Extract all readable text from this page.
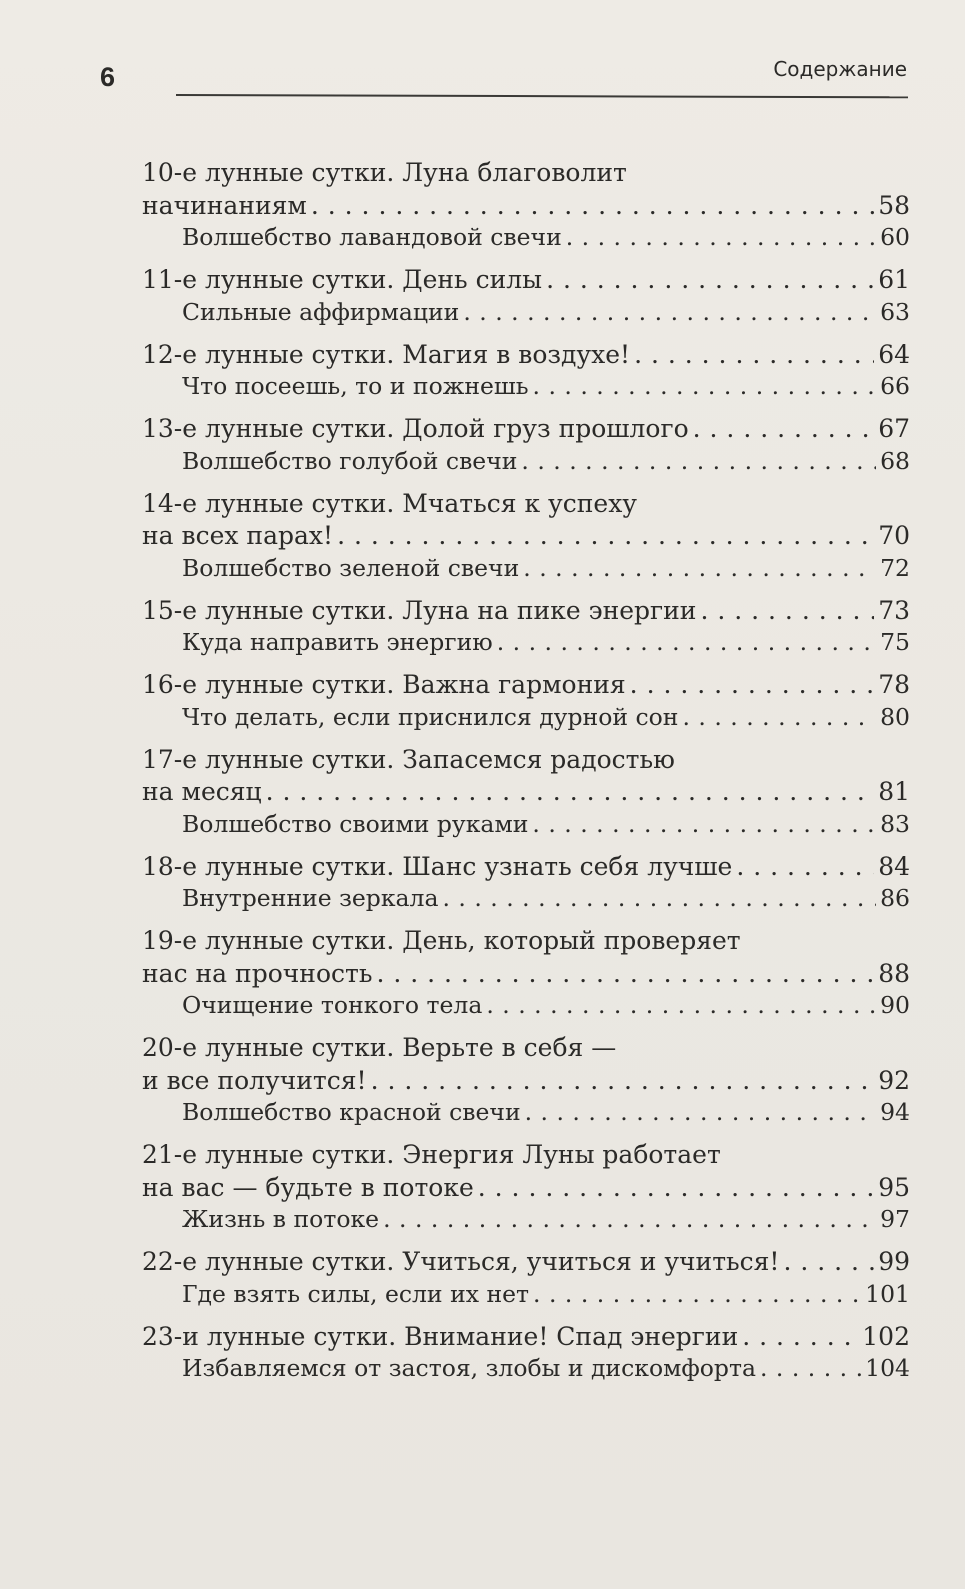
6	Содержание
10-е лунные сутки. Луна благоволит
начинаниям . . .	58
Волшебство лавандовой свечи . . .	60
11-е лунные сутки. День силы . . .	61
Сильные аффирмации . . .	63
12-е лунные сутки. Магия в воздухе! . . .	64
Что посеешь, то и пожнешь . . .	66
13-е лунные сутки. Долой груз прошлого . . .	67
Волшебство голубой свечи . . .	68
14-е лунные сутки. Мчаться к успеху
на всех парах! . . .	70
Волшебство зеленой свечи . . .	72
15-е лунные сутки. Луна на пике энергии . . .	73
Куда направить энергию . . .	75
16-е лунные сутки. Важна гармония . . .	78
Что делать, если приснился дурной сон . . .	80
17-е лунные сутки. Запасемся радостью
на месяц . . .	81
Волшебство своими руками . . .	83
18-е лунные сутки. Шанс узнать себя лучше . . .	84
Внутренние зеркала . . .	86
19-е лунные сутки. День, который проверяет
нас на прочность . . .	88
Очищение тонкого тела . . .	90
20-е лунные сутки. Верьте в себя —
и все получится! . . .	92
Волшебство красной свечи . . .	94
21-е лунные сутки. Энергия Луны работает
на вас — будьте в потоке . . .	95
Жизнь в потоке . . .	97
22-е лунные сутки. Учиться, учиться и учиться! . . .	99
Где взять силы, если их нет . . .	101
23-и лунные сутки. Внимание! Спад энергии . . .	102
Избавляемся от застоя, злобы и дискомфорта . . .	104
